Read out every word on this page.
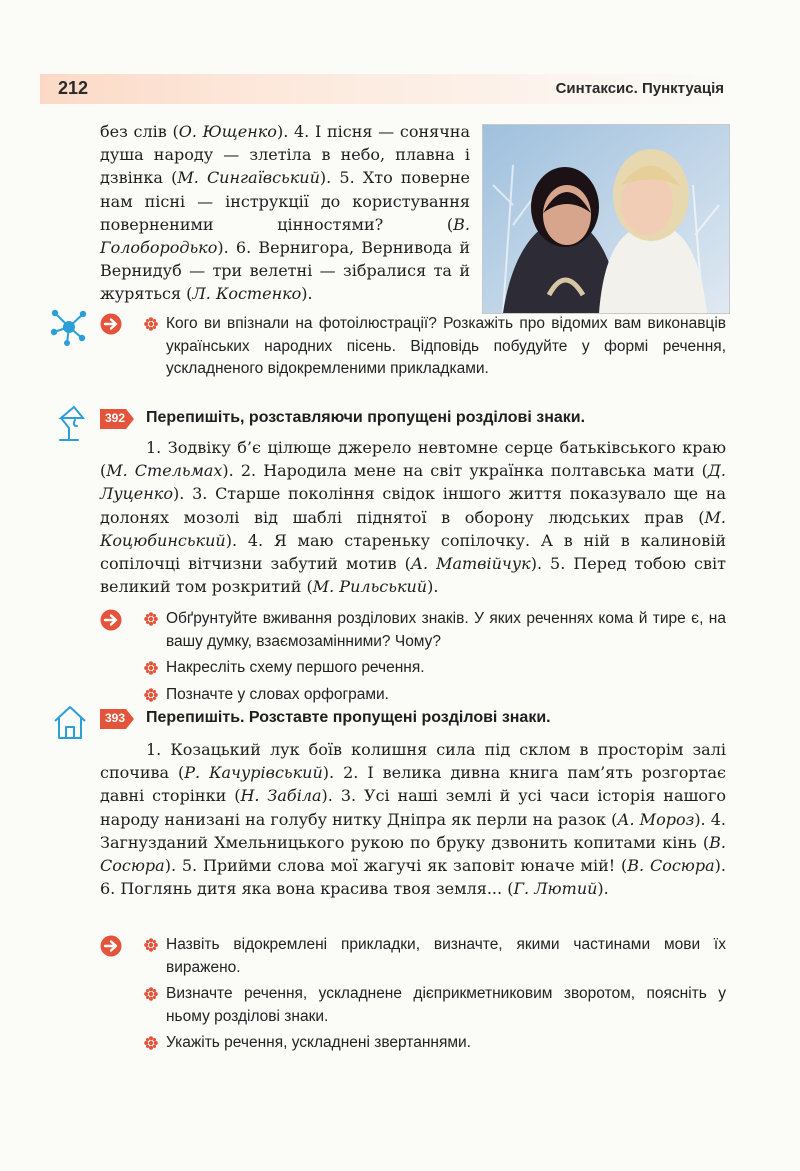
212	Синтаксис. Пунктуація

без слів (О. Ющенко). 4. І пісня — сонячна душа народу — злетіла в небо, плавна і дзвінка (М. Сингаївський). 5. Хто поверне нам пісні — інструкції до користування поверненими цінностями? (В. Голобородько). 6. Вернигора, Вернивода й Вернидуб — три велетні — зібралися та й журяться (Л. Костенко).

Кого ви впізнали на фотоілюстрації? Розкажіть про відомих вам виконавців українських народних пісень. Відповідь побудуйте у формі речення, ускладненого відокремленими прикладками.
392 Перепишіть, розставляючи пропущені розділові знаки.

1. Зодвіку б’є цілюще джерело невтомне серце батьківського краю (М. Стельмах). 2. Народила мене на світ українка полтавська мати (Д. Луценко). 3. Старше покоління свідок іншого життя показувало ще на долонях мозолі від шаблі піднятої в оборону людських прав (М. Коцюбинський). 4. Я маю стареньку сопілочку. А в ній в калиновій сопілочці вітчизни забутий мотив (А. Матвійчук). 5. Перед тобою світ великий том розкритий (М. Рильський).

Обґрунтуйте вживання розділових знаків. У яких реченнях кома й тире є, на вашу думку, взаємозамінними? Чому?
Накресліть схему першого речення.
Позначте у словах орфограми.
393 Перепишіть. Розставте пропущені розділові знаки.

1. Козацький лук боїв колишня сила під склом в просторім залі спочива (Р. Качурівський). 2. І велика дивна книга пам’ять розгортає давні сторінки (Н. Забіла). 3. Усі наші землі й усі часи історія нашого народу нанизані на голубу нитку Дніпра як перли на разок (А. Мороз). 4. Загнузданий Хмельницького рукою по бруку дзвонить копитами кінь (В. Сосюра). 5. Прийми слова мої жагучі як заповіт юначе мій! (В. Сосюра). 6. Поглянь дитя яка вона красива твоя земля... (Г. Лютий).

Назвіть відокремлені прикладки, визначте, якими частинами мови їх виражено.
Визначте речення, ускладнене дієприкметниковим зворотом, поясніть у ньому розділові знаки.
Укажіть речення, ускладнені звертаннями.
